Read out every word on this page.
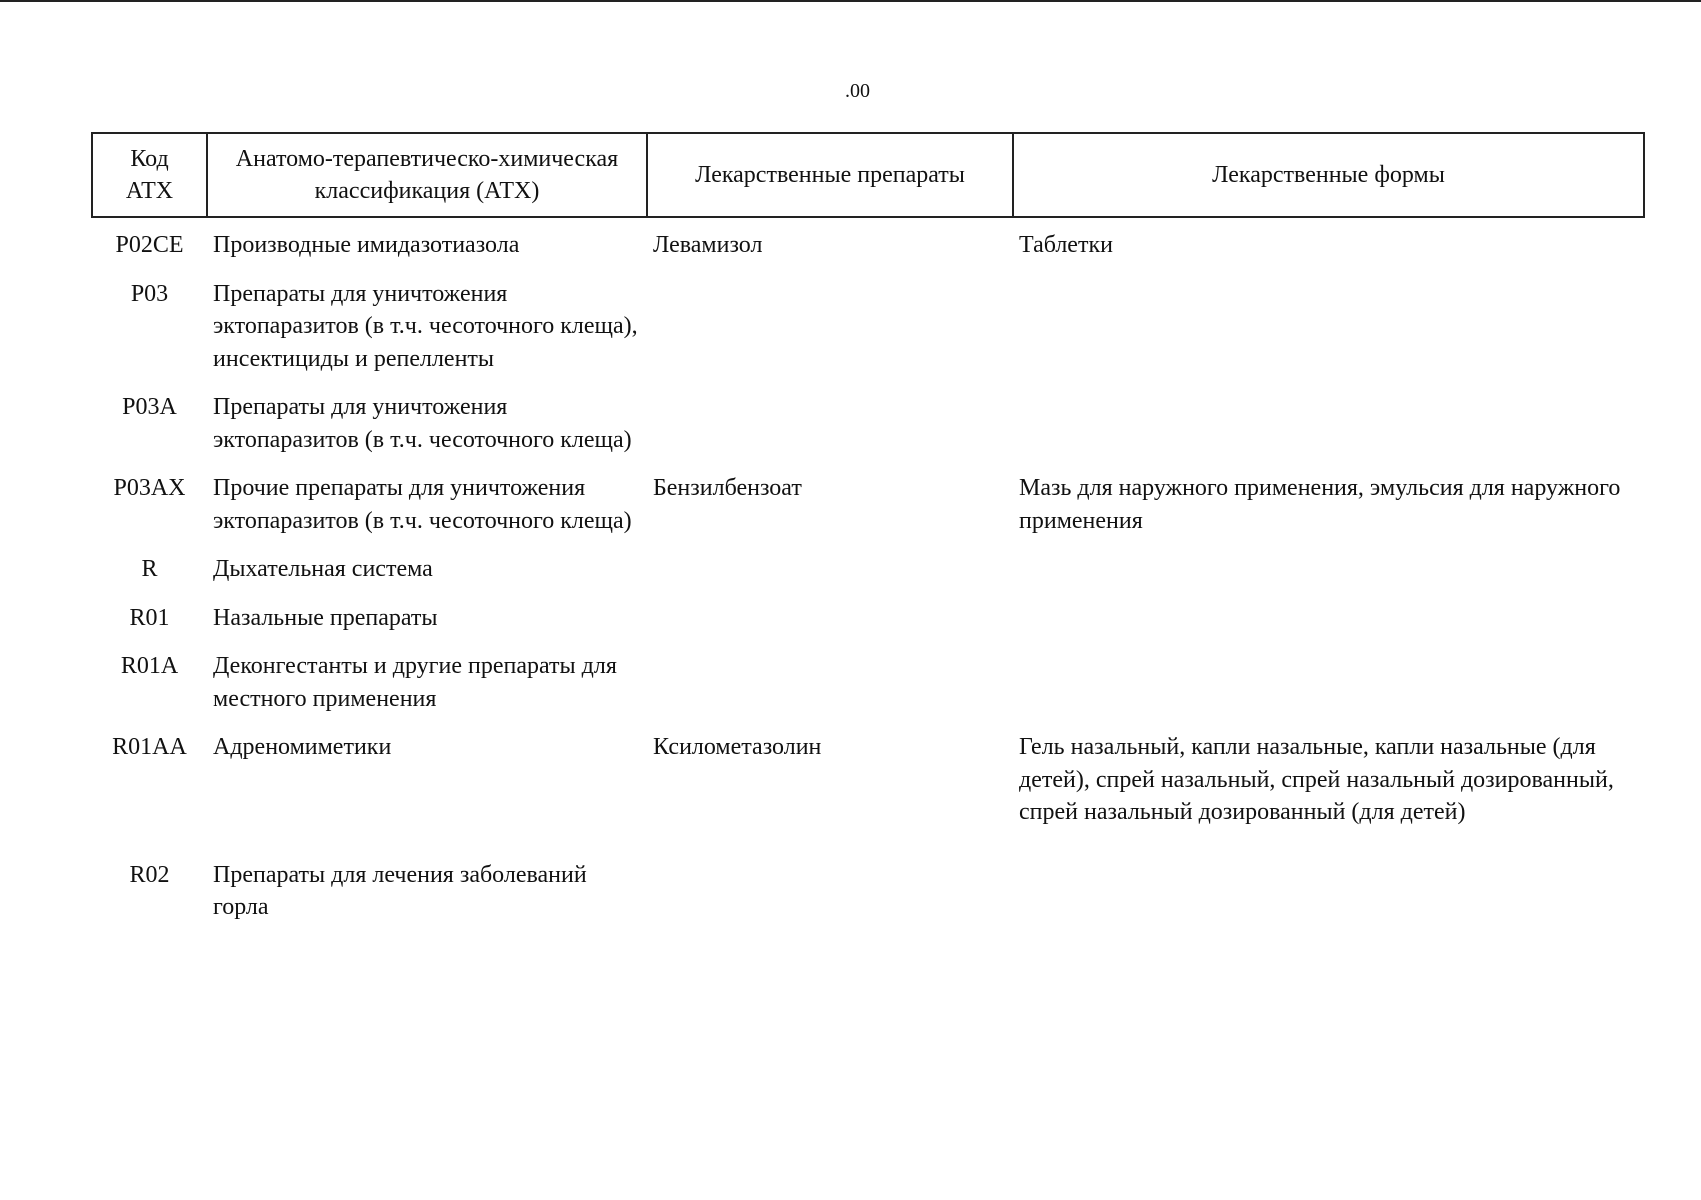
.00
Код АТХ	Анатомо-терапевтическо-химическая классификация (АТХ)	Лекарственные препараты	Лекарственные формы
P02CE	Производные имидазотиазола	Левамизол	Таблетки
P03	Препараты для уничтожения эктопаразитов (в т.ч. чесоточного клеща), инсектициды и репелленты		
P03A	Препараты для уничтожения эктопаразитов (в т.ч. чесоточного клеща)		
P03AX	Прочие препараты для уничтожения эктопаразитов (в т.ч. чесоточного клеща)	Бензилбензоат	Мазь для наружного применения, эмульсия для наружного применения
R	Дыхательная система		
R01	Назальные препараты		
R01A	Деконгестанты и другие препараты для местного применения		
R01AA	Адреномиметики	Ксилометазолин	Гель назальный, капли назальные, капли назальные (для детей), спрей назальный, спрей назальный дозированный, спрей назальный дозированный (для детей)
R02	Препараты для лечения заболеваний горла		
